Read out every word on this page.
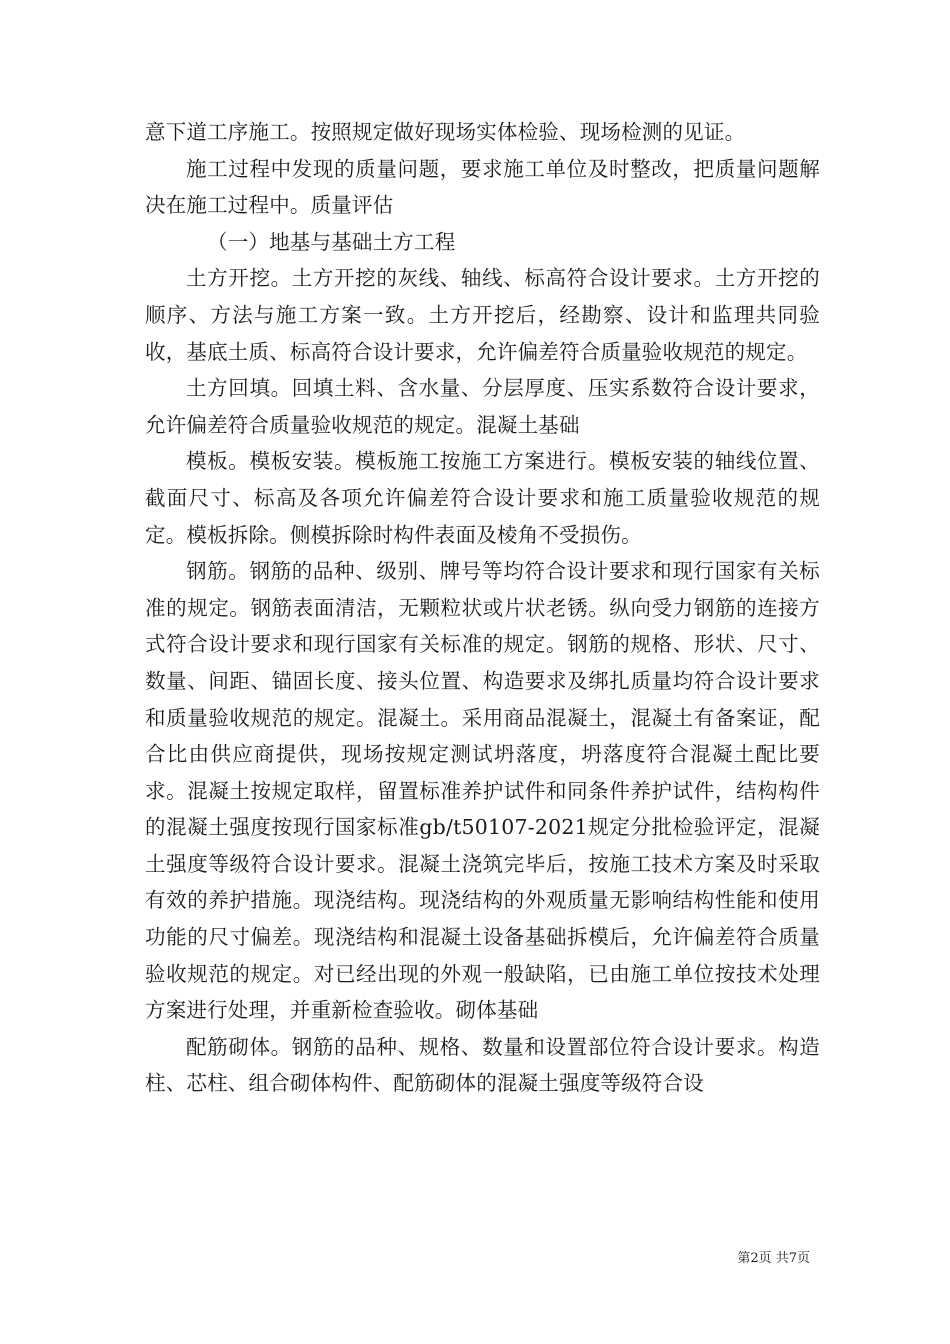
意下道工序施工。按照规定做好现场实体检验、现场检测的见证。

施工过程中发现的质量问题，要求施工单位及时整改，把质量问题解决在施工过程中。质量评估

（一）地基与基础土方工程

土方开挖。土方开挖的灰线、轴线、标高符合设计要求。土方开挖的顺序、方法与施工方案一致。土方开挖后，经勘察、设计和监理共同验收，基底土质、标高符合设计要求，允许偏差符合质量验收规范的规定。

土方回填。回填土料、含水量、分层厚度、压实系数符合设计要求，允许偏差符合质量验收规范的规定。混凝土基础

模板。模板安装。模板施工按施工方案进行。模板安装的轴线位置、截面尺寸、标高及各项允许偏差符合设计要求和施工质量验收规范的规定。模板拆除。侧模拆除时构件表面及棱角不受损伤。

钢筋。钢筋的品种、级别、牌号等均符合设计要求和现行国家有关标准的规定。钢筋表面清洁，无颗粒状或片状老锈。纵向受力钢筋的连接方式符合设计要求和现行国家有关标准的规定。钢筋的规格、形状、尺寸、数量、间距、锚固长度、接头位置、构造要求及绑扎质量均符合设计要求和质量验收规范的规定。混凝土。采用商品混凝土，混凝土有备案证，配合比由供应商提供，现场按规定测试坍落度，坍落度符合混凝土配比要求。混凝土按规定取样，留置标准养护试件和同条件养护试件，结构构件的混凝土强度按现行国家标准gb/t50107-2021规定分批检验评定，混凝土强度等级符合设计要求。混凝土浇筑完毕后，按施工技术方案及时采取有效的养护措施。现浇结构。现浇结构的外观质量无影响结构性能和使用功能的尺寸偏差。现浇结构和混凝土设备基础拆模后，允许偏差符合质量验收规范的规定。对已经出现的外观一般缺陷，已由施工单位按技术处理方案进行处理，并重新检查验收。砌体基础

配筋砌体。钢筋的品种、规格、数量和设置部位符合设计要求。构造柱、芯柱、组合砌体构件、配筋砌体的混凝土强度等级符合设

第2页 共7页
